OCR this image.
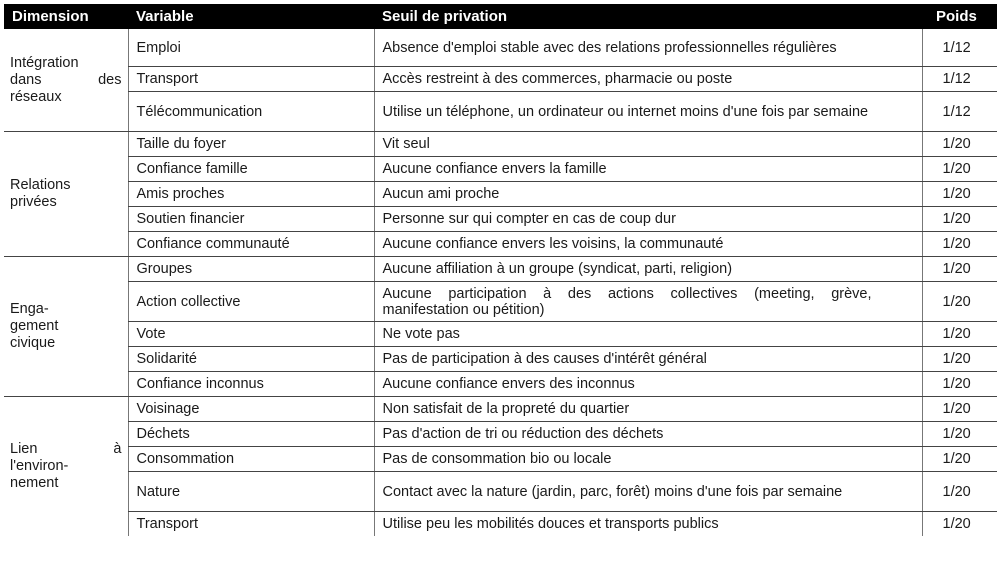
Dimension	Variable	Seuil de privation	Poids

Intégration
dans des
réseaux	Emploi	Absence d'emploi stable avec des relations professionnelles régulières	1/12
	Transport	Accès restreint à des commerces, pharmacie ou poste	1/12
	Télécommunication	Utilise un téléphone, un ordinateur ou internet moins d'une fois par semaine	1/12

Relations
privées	Taille du foyer	Vit seul	1/20
	Confiance famille	Aucune confiance envers la famille	1/20
	Amis proches	Aucun ami proche	1/20
	Soutien financier	Personne sur qui compter en cas de coup dur	1/20
	Confiance communauté	Aucune confiance envers les voisins, la communauté	1/20

Enga-
gement
civique	Groupes	Aucune affiliation à un groupe (syndicat, parti, religion)	1/20
	Action collective	Aucune participation à des actions collectives (meeting, grève, manifestation ou pétition)	1/20
	Vote	Ne vote pas	1/20
	Solidarité	Pas de participation à des causes d'intérêt général	1/20
	Confiance inconnus	Aucune confiance envers des inconnus	1/20

Lien à
l'environ-
nement	Voisinage	Non satisfait de la propreté du quartier	1/20
	Déchets	Pas d'action de tri ou réduction des déchets	1/20
	Consommation	Pas de consommation bio ou locale	1/20
	Nature	Contact avec la nature (jardin, parc, forêt) moins d'une fois par semaine	1/20
	Transport	Utilise peu les mobilités douces et transports publics	1/20
